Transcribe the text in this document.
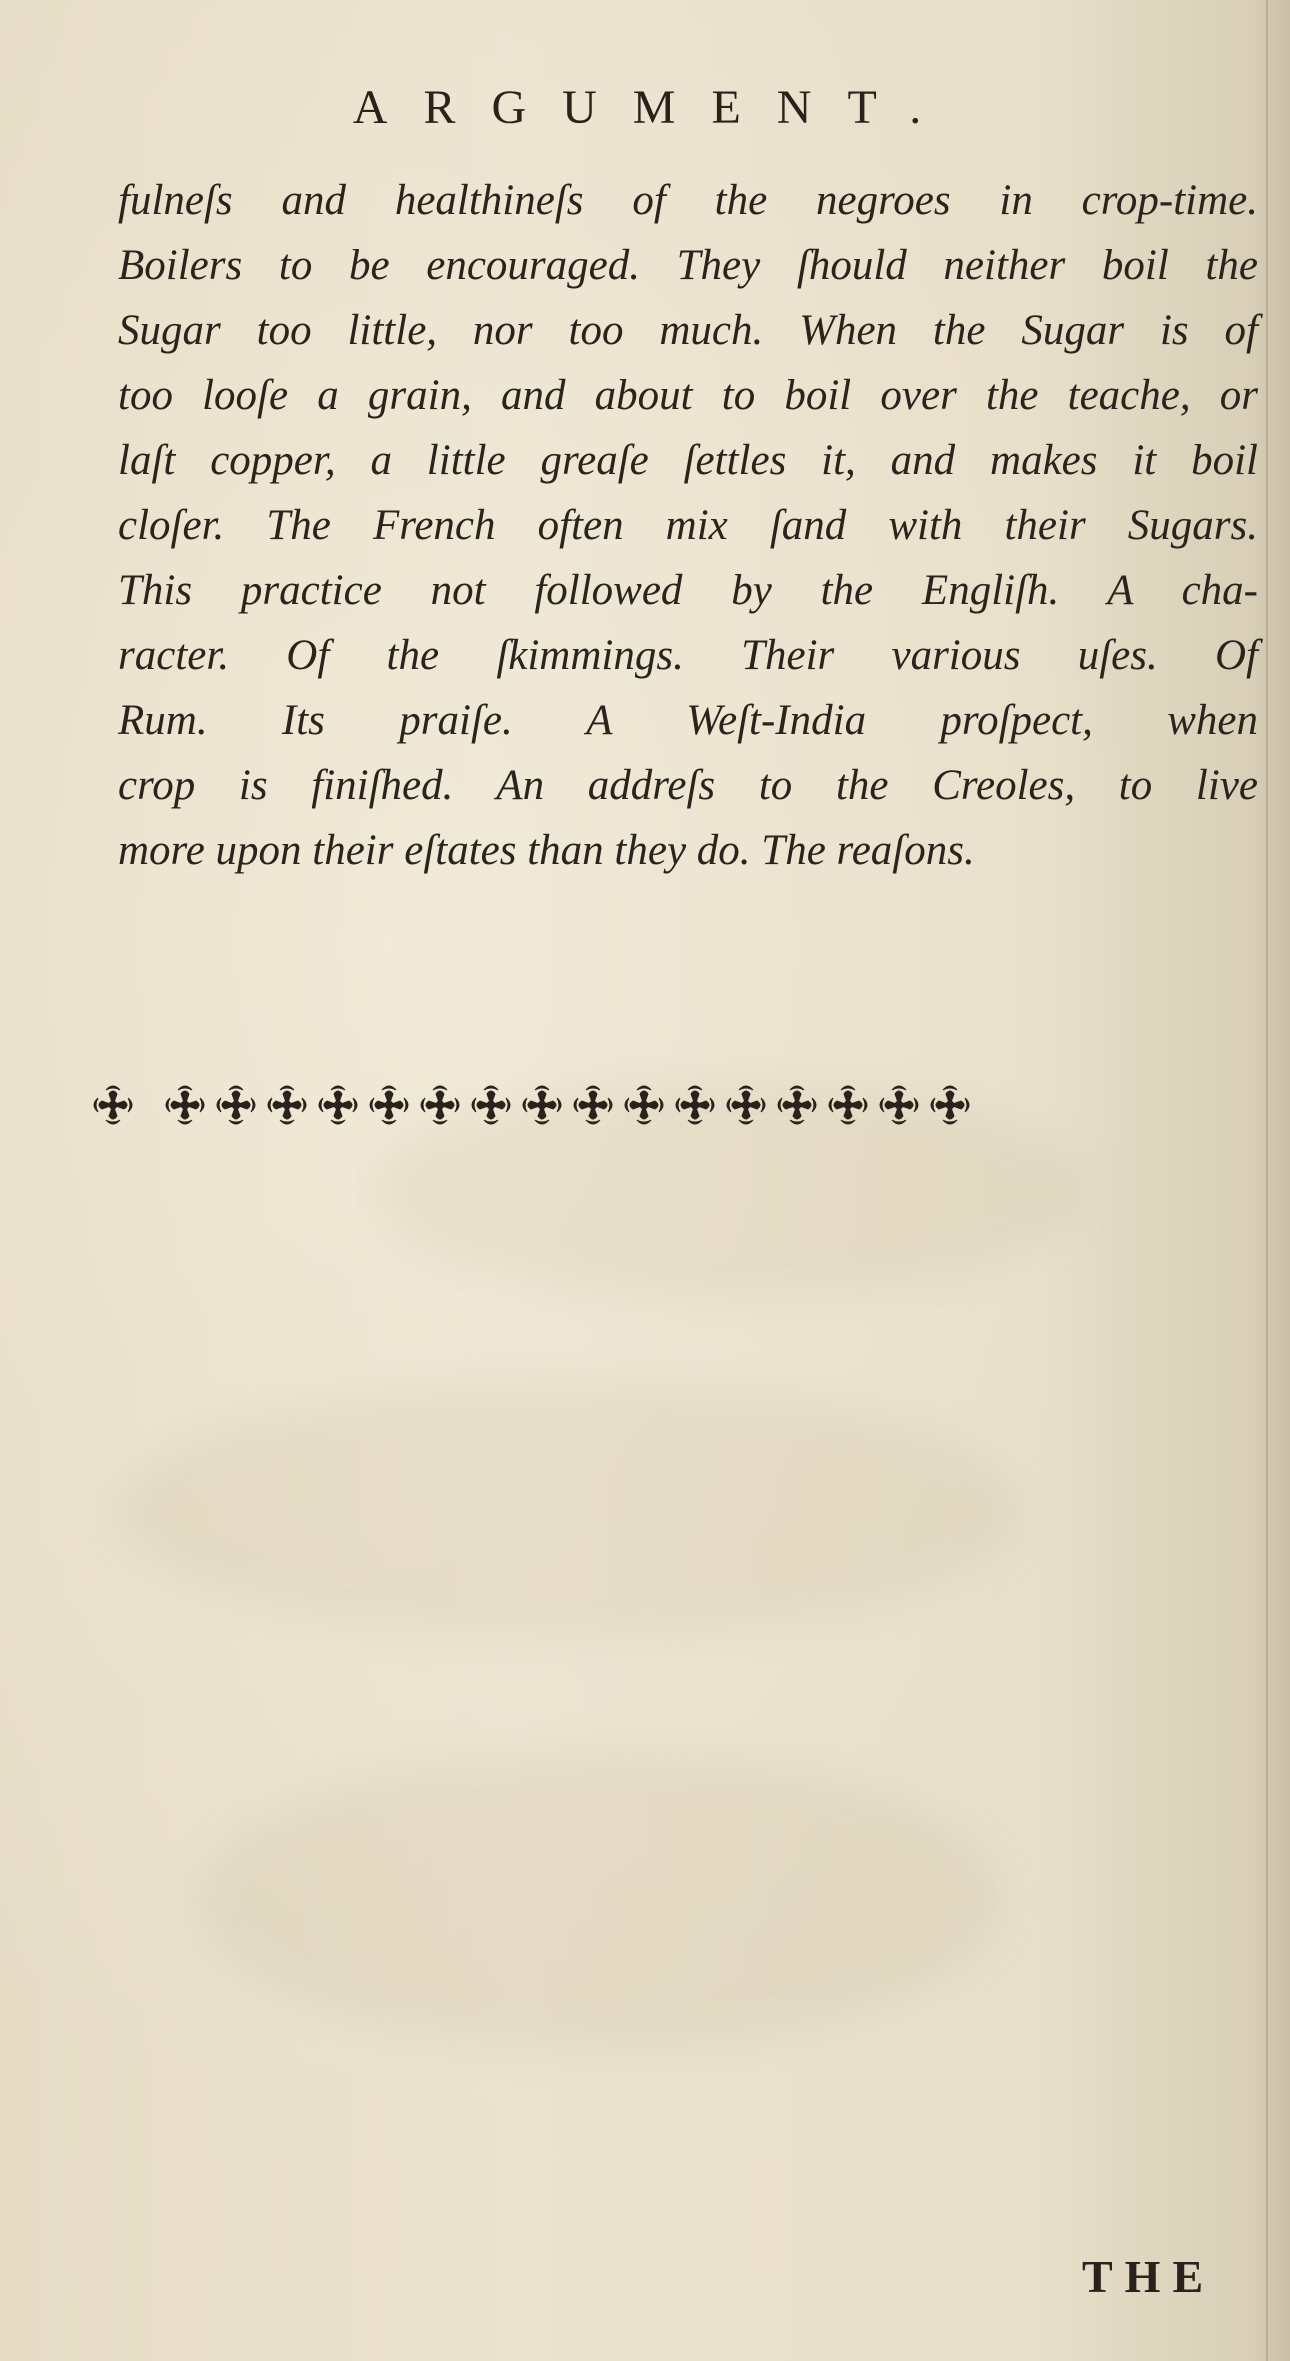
ARGUMENT.
fulneſs and healthineſs of the negroes in crop-time.
Boilers to be encouraged. They ſhould neither boil the
Sugar too little, nor too much. When the Sugar is of
too looſe a grain, and about to boil over the teache, or
laſt copper, a little greaſe ſettles it, and makes it boil
cloſer. The French often mix ſand with their Sugars.
This practice not followed by the Engliſh. A cha-
racter. Of the ſkimmings. Their various uſes. Of
Rum. Its praiſe. A Weſt-India proſpect, when
crop is finiſhed. An addreſs to the Creoles, to live
more upon their eſtates than they do. The reaſons.
THE
